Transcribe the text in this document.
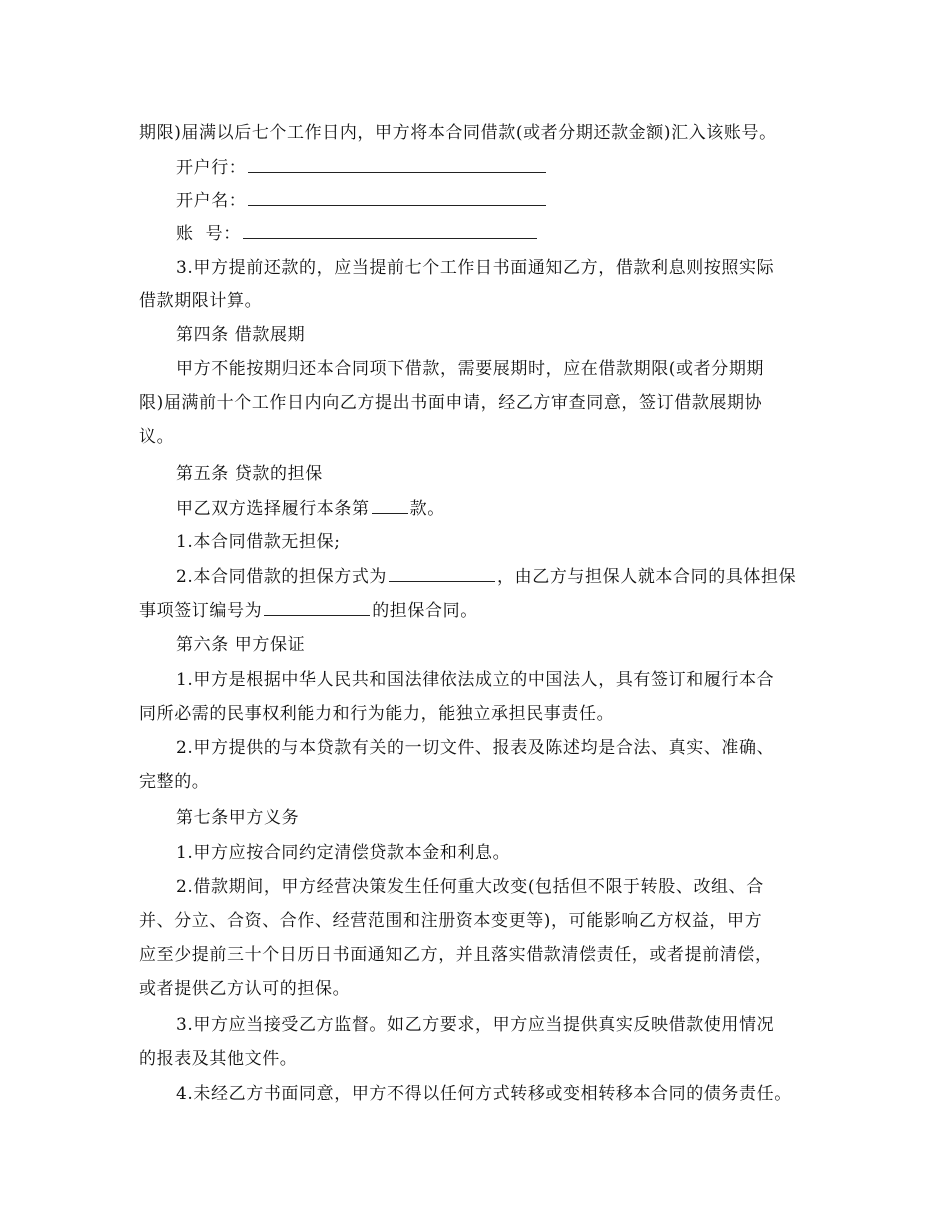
期限)届满以后七个工作日内，甲方将本合同借款(或者分期还款金额)汇入该账号。
开户行：
开户名：
账  号：
3.甲方提前还款的，应当提前七个工作日书面通知乙方，借款利息则按照实际
借款期限计算。
第四条 借款展期
甲方不能按期归还本合同项下借款，需要展期时，应在借款期限(或者分期期
限)届满前十个工作日内向乙方提出书面申请，经乙方审查同意，签订借款展期协
议。
第五条 贷款的担保
甲乙双方选择履行本条第 款。
1.本合同借款无担保;
2.本合同借款的担保方式为	，由乙方与担保人就本合同的具体担保
事项签订编号为	的担保合同。
第六条 甲方保证
1.甲方是根据中华人民共和国法律依法成立的中国法人，具有签订和履行本合
同所必需的民事权利能力和行为能力，能独立承担民事责任。
2.甲方提供的与本贷款有关的一切文件、报表及陈述均是合法、真实、准确、
完整的。
第七条甲方义务
1.甲方应按合同约定清偿贷款本金和利息。
2.借款期间，甲方经营决策发生任何重大改变(包括但不限于转股、改组、合
并、分立、合资、合作、经营范围和注册资本变更等)，可能影响乙方权益，甲方
应至少提前三十个日历日书面通知乙方，并且落实借款清偿责任，或者提前清偿，
或者提供乙方认可的担保。
3.甲方应当接受乙方监督。如乙方要求，甲方应当提供真实反映借款使用情况
的报表及其他文件。
4.未经乙方书面同意，甲方不得以任何方式转移或变相转移本合同的债务责任。
